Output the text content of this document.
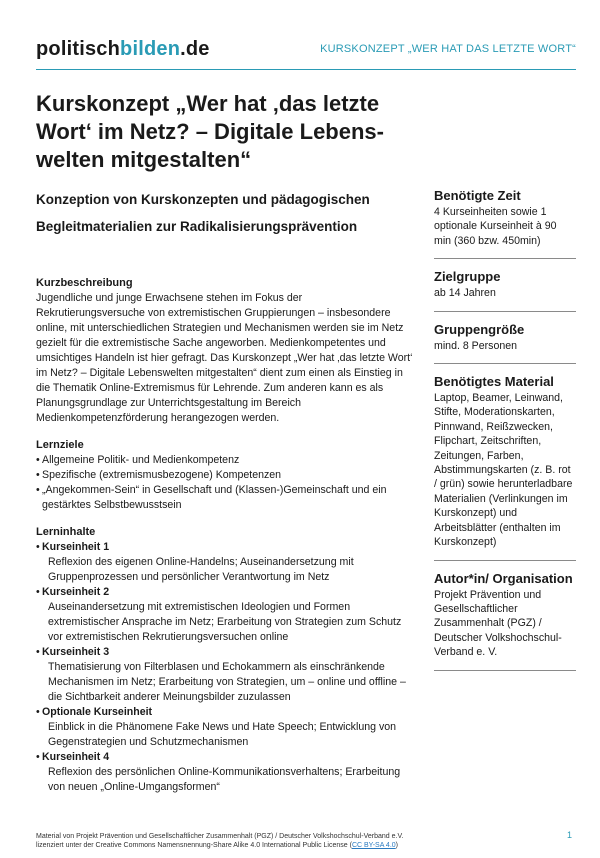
politischbilden.de	KURSKONZEPT „WER HAT DAS LETZTE WORT“
Kurskonzept „Wer hat ‚das letzte Wort‘ im Netz? – Digitale Lebenswelten mitgestalten“

Konzeption von Kurskonzepten und pädagogischen Begleitmaterialien zur Radikalisierungsprävention

Kurzbeschreibung

Jugendliche und junge Erwachsene stehen im Fokus der Rekrutierungsversuche von extremistischen Gruppierungen – insbesondere online, mit unterschiedlichen Strategien und Mechanismen werden sie im Netz gezielt für die extremistische Sache angeworben. Medienkompetentes und umsichtiges Handeln ist hier gefragt. Das Kurskonzept „Wer hat ‚das letzte Wort‘ im Netz? – Digitale Lebenswelten mitgestalten“ dient zum einen als Einstieg in die Thematik Online-Extremismus für Lehrende. Zum anderen kann es als Planungsgrundlage zur Unterrichtsgestaltung im Bereich Medienkompetenzförderung herangezogen werden.

Lernziele

• Allgemeine Politik- und Medienkompetenz
• Spezifische (extremismusbezogene) Kompetenzen
• „Angekommen-Sein“ in Gesellschaft und (Klassen-)Gemeinschaft und ein gestärktes Selbstbewusstsein

Lerninhalte

• Kurseinheit 1
Reflexion des eigenen Online-Handelns; Auseinandersetzung mit Gruppenprozessen und persönlicher Verantwortung im Netz
• Kurseinheit 2
Auseinandersetzung mit extremistischen Ideologien und Formen extremistischer Ansprache im Netz; Erarbeitung von Strategien zum Schutz vor extremistischen Rekrutierungsversuchen online
• Kurseinheit 3
Thematisierung von Filterblasen und Echokammern als einschränkende Mechanismen im Netz; Erarbeitung von Strategien, um – online und offline – die Sichtbarkeit anderer Meinungsbilder zuzulassen
• Optionale Kurseinheit
Einblick in die Phänomene Fake News und Hate Speech; Entwicklung von Gegenstrategien und Schutzmechanismen
• Kurseinheit 4
Reflexion des persönlichen Online-Kommunikationsverhaltens; Erarbeitung von neuen „Online-Umgangsformen“

Benötigte Zeit

4 Kurseinheiten sowie 1 optionale Kurseinheit à 90 min (360 bzw. 450min)

Zielgruppe

ab 14 Jahren

Gruppengröße

mind. 8 Personen

Benötigtes Material

Laptop, Beamer, Leinwand, Stifte, Moderationskarten, Pinnwand, Reißzwecken, Flipchart, Zeitschriften, Zeitungen, Farben, Abstimmungskarten (z. B. rot / grün) sowie herunterladbare Materialien (Verlinkungen im Kurskonzept) und Arbeitsblätter (enthalten im Kurskonzept)

Autor*in/ Organisation

Projekt Prävention und Gesellschaftlicher Zusammenhalt (PGZ) / Deutscher Volkshochschul-Verband e. V.

Material von Projekt Prävention und Gesellschaftlicher Zusammenhalt (PGZ) / Deutscher Volkshochschul-Verband e.V.
lizenziert unter der Creative Commons Namensnennung-Share Alike 4.0 International Public License (CC BY-SA 4.0)
1
